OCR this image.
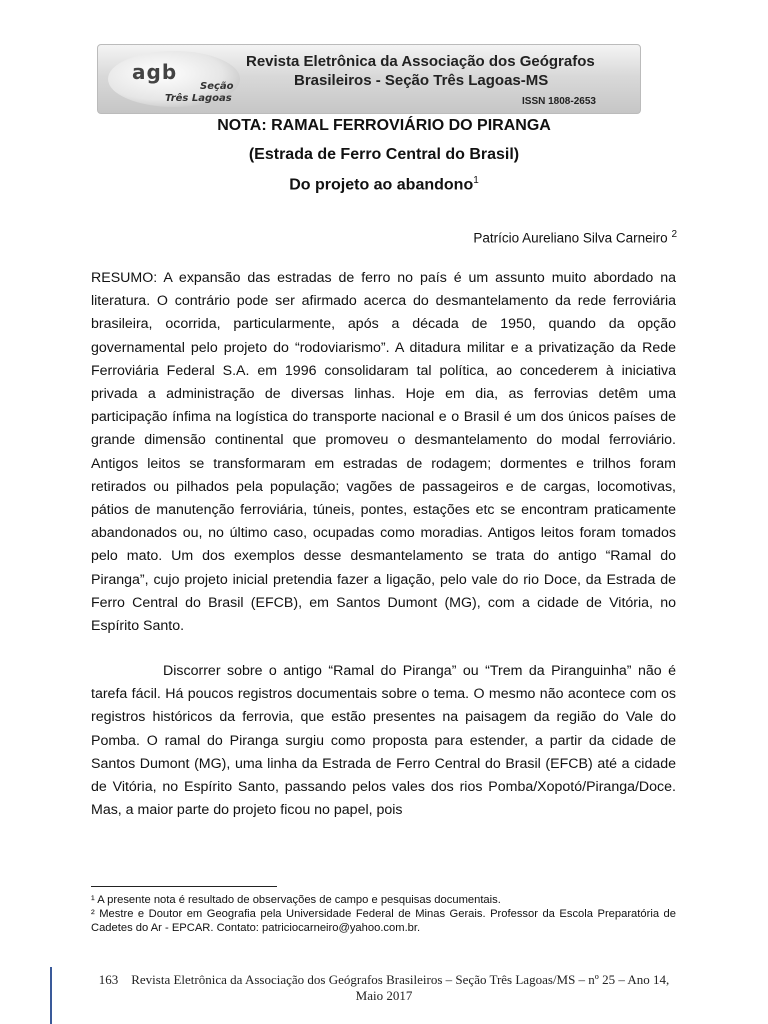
agb
Seção
Três Lagoas
Revista Eletrônica da Associação dos Geógrafos
Brasileiros - Seção Três Lagoas-MS
ISSN 1808-2653
NOTA: RAMAL FERROVIÁRIO DO PIRANGA
(Estrada de Ferro Central do Brasil)
Do projeto ao abandono$^1$
Patrício Aureliano Silva Carneiro $^2$
RESUMO: A expansão das estradas de ferro no país é um assunto muito abordado na literatura. O contrário pode ser afirmado acerca do desmantelamento da rede ferroviária brasileira, ocorrida, particularmente, após a década de 1950, quando da opção governamental pelo projeto do “rodoviarismo”. A ditadura militar e a privatização da Rede Ferroviária Federal S.A. em 1996 consolidaram tal política, ao concederem à iniciativa privada a administração de diversas linhas. Hoje em dia, as ferrovias detêm uma participação ínfima na logística do transporte nacional e o Brasil é um dos únicos países de grande dimensão continental que promoveu o desmantelamento do modal ferroviário. Antigos leitos se transformaram em estradas de rodagem; dormentes e trilhos foram retirados ou pilhados pela população; vagões de passageiros e de cargas, locomotivas, pátios de manutenção ferroviária, túneis, pontes, estações etc se encontram praticamente abandonados ou, no último caso, ocupadas como moradias. Antigos leitos foram tomados pelo mato. Um dos exemplos desse desmantelamento se trata do antigo “Ramal do Piranga”, cujo projeto inicial pretendia fazer a ligação, pelo vale do rio Doce, da Estrada de Ferro Central do Brasil (EFCB), em Santos Dumont (MG), com a cidade de Vitória, no Espírito Santo.
Discorrer sobre o antigo “Ramal do Piranga” ou “Trem da Piranguinha” não é tarefa fácil. Há poucos registros documentais sobre o tema. O mesmo não acontece com os registros históricos da ferrovia, que estão presentes na paisagem da região do Vale do Pomba. O ramal do Piranga surgiu como proposta para estender, a partir da cidade de Santos Dumont (MG), uma linha da Estrada de Ferro Central do Brasil (EFCB) até a cidade de Vitória, no Espírito Santo, passando pelos vales dos rios Pomba/Xopotó/Piranga/Doce. Mas, a maior parte do projeto ficou no papel, pois
¹ A presente nota é resultado de observações de campo e pesquisas documentais.
² Mestre e Doutor em Geografia pela Universidade Federal de Minas Gerais. Professor da Escola Preparatória de Cadetes do Ar - EPCAR. Contato: patriciocarneiro@yahoo.com.br.
163 Revista Eletrônica da Associação dos Geógrafos Brasileiros – Seção Três Lagoas/MS – nº 25 – Ano 14,
Maio 2017
